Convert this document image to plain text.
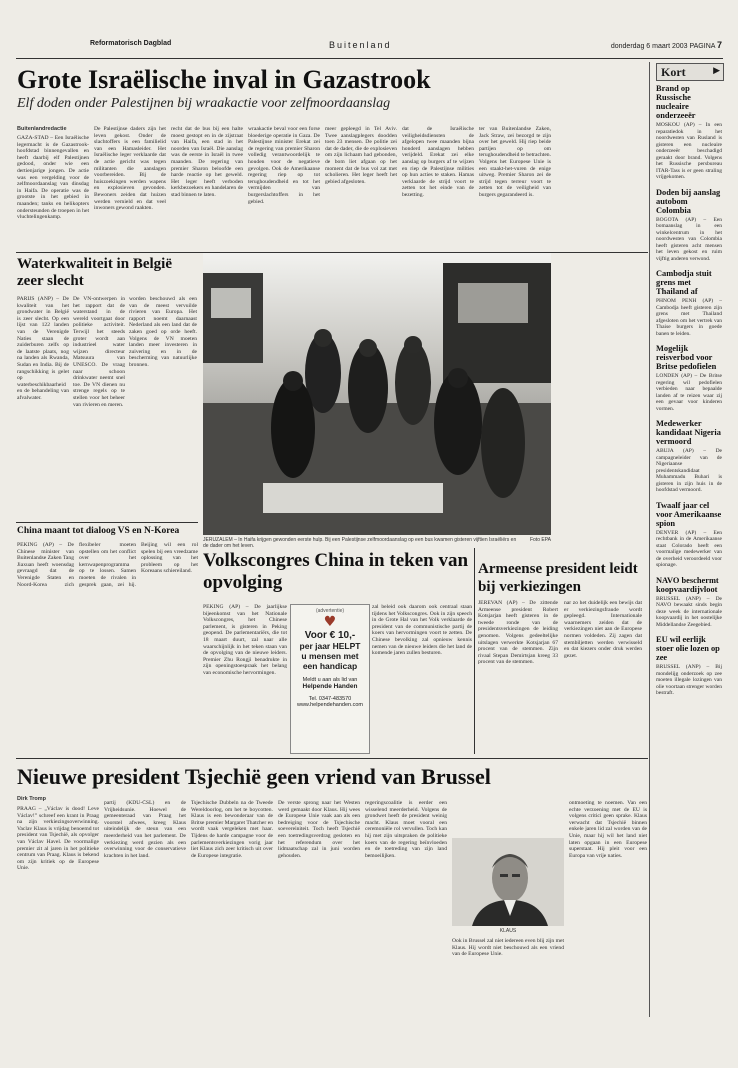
Reformatorisch Dagblad	Buitenland	donderdag 6 maart 2003 PAGINA 7
Grote Israëlische inval in Gazastrook
Elf doden onder Palestijnen bij wraakactie voor zelfmoordaanslag
Buitenlandredactie

GAZA-STAD – Een Israëlische legermacht is de Gazastrook-hoofdstad binnengevallen en heeft daarbij elf Palestijnen gedood, onder wie een dertienjarige jongen. De actie was een vergelding voor de zelfmoordaanslag van dinsdag in Haifa. De operatie was de grootste in het gebied in maanden; tanks en helikopters ondersteunden de troepen in het vluchtelingenkamp.

De Palestijnse daders zijn het leven gekost. Onder de slachtoffers is een familielid van een Hamasleider. Het Israëlische leger verklaarde dat de actie gericht was tegen militanten die aanslagen voorbereiden. Bij de huiszoekingen werden wapens en explosieven gevonden. Bewoners zeiden dat huizen werden vernield en dat veel inwoners gewond raakten.

recht dat de bus bij een halte moest gestopt en in de zijstraat van Haifa, een stad in het noorden van Israël. Die aanslag was de eerste in Israël in twee maanden. De regering van premier Sharon beloofde een harde reactie op het geweld. Het leger heeft verboden kerkbezoekers en handelaren de stad binnen te laten.

wraakactie beval voor een forse bloederige operatie in Gaza. De Palestijnse minister Erekat zei de regering van premier Sharon volledig verantwoordelijk te houden voor de negatieve gevolgen. Ook de Amerikaanse regering riep op tot terughoudendheid en tot het vermijden van burgerslachtoffers in het gebied.

meer gepleegd in Tel Aviv. Twee aanslagplegers doodden toen 23 mensen. De politie zei dat de dader, die de explosieven om zijn lichaam had gebonden, de bom liet afgaan op het moment dat de bus vol zat met scholieren. Het leger heeft het gebied afgesloten.

dat de Israëlische veiligheidsdiensten de afgelopen twee maanden bijna honderd aanslagen hebben verijdeld. Erekat zei elke aanslag op burgers af te wijzen en riep de Palestijnse milities op hun acties te staken. Hamas verklaarde de strijd voort te zetten tot het einde van de bezetting.

ter van Buitenlandse Zaken, Jack Straw, zei bezorgd te zijn over het geweld. Hij riep beide partijen op om terughoudendheid te betrachten. Volgens het Europese Unie is een staakt-het-vuren de enige uitweg. Premier Sharon zei de strijd tegen terreur voort te zetten tot de veiligheid van burgers gegarandeerd is.

Waterkwaliteit in België zeer slecht

PARIJS (ANP) – De kwaliteit van het grondwater in België is zeer slecht. Op een lijst van 122 landen van de Verenigde Naties staan de zuiderburen zelfs op de laatste plaats, nog na landen als Rwanda, Sudan en India. Bij de rangschikking is gelet op waterbeschikbaarheid en de behandeling van afvalwater.

De VN-ontwerpen in het rapport dat de waterstand in de wereld voortgaat door politieke activiteit. Terwijl het steeds groter wordt aan industrieel water wijzen directeur Matsuura van UNESCO. De vraag naar schoon drinkwater neemt snel toe. De VN dienen nu strenge regels op te stellen voor het beheer van rivieren en meren.

worden beschouwd als een van de meest vervuilde rivieren van Europa. Het rapport noemt daarnaast Nederland als een land dat de zaken goed op orde heeft. Volgens de VN moeten landen meer investeren in zuivering en in de bescherming van natuurlijke bronnen.

JERUZALEM – In Haifa krijgen gewonden eerste hulp. Bij een Palestijnse zelfmoordaanslag op een bus kwamen gisteren vijftien Israëliërs en de dader om het leven.
Foto EPA
China maant tot dialoog VS en N-Korea

PEKING (AP) – De Chinese minister van Buitenlandse Zaken Tang Jiaxuan heeft woensdag gevraagd dat de Verenigde Staten en Noord-Korea zich flexibeler moeten opstellen om het conflict over het kernwapenprogramma op te lossen. Samen moeten de rivalen in gesprek gaan, zei hij. Beijing wil een rol spelen bij een vreedzame oplossing van het probleem op het Koreaans schiereiland.

Volkscongres China in teken van opvolging

PEKING (AP) – De jaarlijkse bijeenkomst van het Nationale Volkscongres, het Chinese parlement, is gisteren in Peking geopend. De parlementariërs, die tot 18 maart duurt, zal naar alle waarschijnlijk in het teken staan van de opvolging van de nieuwe leiders. Premier Zhu Rongji benadrukte in zijn openingstoespraak het belang van economische hervormingen.

zal beleid ook daarom ook centraal staan tijdens het Volkscongres. Ook in zijn speech in de Grote Hal van het Volk verklaarde de president van de communistische partij de koers van hervormingen voort te zetten. De Chinese bevolking zal opnieuw kennis nemen van de nieuwe leiders die het land de komende jaren zullen besturen.

(advertentie)
♥
Voor € 10,-
per jaar HELPT
u mensen met
een handicap
Meldt u aan als lid van
Helpende Handen
Tel. 0347-483570
www.helpendehanden.com
Armeense president leidt bij verkiezingen

JEREVAN (AP) – De zittende Armeense president Robert Kotsjarjan heeft gisteren in de tweede ronde van de presidentsverkiezingen de leiding genomen. Volgens gedeeltelijke uitslagen verwerkte Kotsjarjan 67 procent van de stemmen. Zijn rivaal Stepan Demirtsjan kreeg 33 procent van de stemmen.

nar zo het duidelijk een bewijs dat er verkiezingsfraude wordt gepleegd. Internationale waarnemers zeiden dat de verkiezingen niet aan de Europese normen voldeden. Zij zagen dat stembiljetten werden verwisseld en dat kiezers onder druk werden gezet.

Nieuwe president Tsjechië geen vriend van Brussel
Dirk Tromp

PRAAG – „Václav is dood! Leve Václav!” schreef een krant in Praag na zijn verkiezingsoverwinning. Vaclav Klaus is vrijdag benoemd tot president van Tsjechië, als opvolger van Václav Havel. De voormalige premier zit al jaren in het politieke centrum van Praag. Klaus is bekend om zijn kritiek op de Europese Unie.

partij (KDU-ČSL) en de Vrijheidsunie. Hoewel de gemeenteraad van Praag het voorstel afwees, kreeg Klaus uiteindelijk de steun van een meerderheid van het parlement. De verkiezing werd gezien als een overwinning voor de conservatieve krachten in het land.

Tsjechische Dubbeln na de Tweede Wereldoorlog, om het te boycotten. Klaus is een bewonderaar van de Britse premier Margaret Thatcher en wordt vaak vergeleken met haar. Tijdens de harde campagne voor de parlementsverkiezingen vorig jaar liet Klaus zich zeer kritisch uit over de Europese integratie.

De verste sprong naar het Westen werd gemaakt door Klaus. Hij wees de Europese Unie vaak aan als een bedreiging voor de Tsjechische soevereiniteit. Toch heeft Tsjechië een toetredingsverdrag gesloten en het referendum over het lidmaatschap zal in juni worden gehouden.

regeringscoalitie is eerder een wisselend meerderheid. Volgens de grondwet heeft de president weinig macht. Klaus moet vooral een ceremoniële rol vervullen. Toch kan hij met zijn uitspraken de politieke koers van de regering beïnvloeden en de toetreding van zijn land bemoeilijken.

ontmoeting te noemen. Van een echte verzoening met de EU is volgens critici geen sprake. Klaus verwacht dat Tsjechië binnen enkele jaren lid zal worden van de Unie, maar hij wil het land niet laten opgaan in een Europese superstaat. Hij pleit voor een Europa van vrije naties.

KLAUS

Ook in Brussel zal niet iedereen even blij zijn met Klaus. Hij wordt niet beschouwd als een vriend van de Europese Unie.

Kort	▶
Brand op Russische nucleaire onderzeeër
MOSKOU (AP) – In een reparatiedok in het noordwesten van Rusland is gisteren een nucleaire onderzeeër beschadigd geraakt door brand. Volgens het Russische persbureau ITAR-Tass is er geen straling vrijgekomen.
Doden bij aanslag autobom Colombia
BOGOTA (AP) – Een bomaanslag in een winkelcentrum in het noordwesten van Colombia heeft gisteren acht mensen het leven gekost en ruim vijftig anderen verwond.
Cambodja stuit grens met Thailand af
PHNOM PENH (AP) – Cambodja heeft gisteren zijn grens met Thailand afgesloten om het vertrek van Thaise burgers in goede banen te leiden.
Mogelijk reisverbod voor Britse pedofielen
LONDEN (AP) – De Britse regering wil pedofielen verbieden naar bepaalde landen af te reizen waar zij een gevaar voor kinderen vormen.
Medewerker kandidaat Nigeria vermoord
ABUJA (AP) – De campagneleider van de Nigeriaanse presidentskandidaat Muhammadu Buhari is gisteren in zijn huis in de hoofdstad vermoord.
Twaalf jaar cel voor Amerikaanse spion
DENVER (AP) – Een rechtbank in de Amerikaanse staat Colorado heeft een voormalige medewerker van de overheid veroordeeld voor spionage.
NAVO beschermt koopvaardijvloot
BRUSSEL (ANP) – De NAVO bewaakt sinds begin deze week de internationale koopvaardij in het oostelijke Middellandse Zeegebied.
EU wil eerlijk stoer olie lozen op zee
BRUSSEL (ANP) – Bij mondelijg onderzoek op zee moeten illegale lozingen van olie voortaan strenger worden bestraft.
